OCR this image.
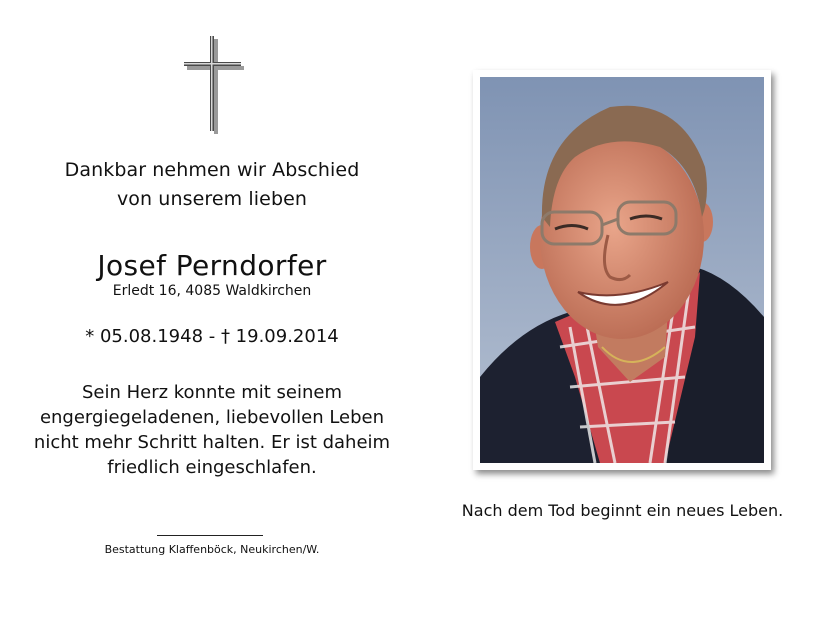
Dankbar nehmen wir Abschied
von unserem lieben
Josef Perndorfer
Erledt 16, 4085 Waldkirchen
* 05.08.1948 - † 19.09.2014
Sein Herz konnte mit seinem
engergiegeladenen, liebevollen Leben
nicht mehr Schritt halten. Er ist daheim
friedlich eingeschlafen.
Bestattung Klaffenböck, Neukirchen/W.
Nach dem Tod beginnt ein neues Leben.
